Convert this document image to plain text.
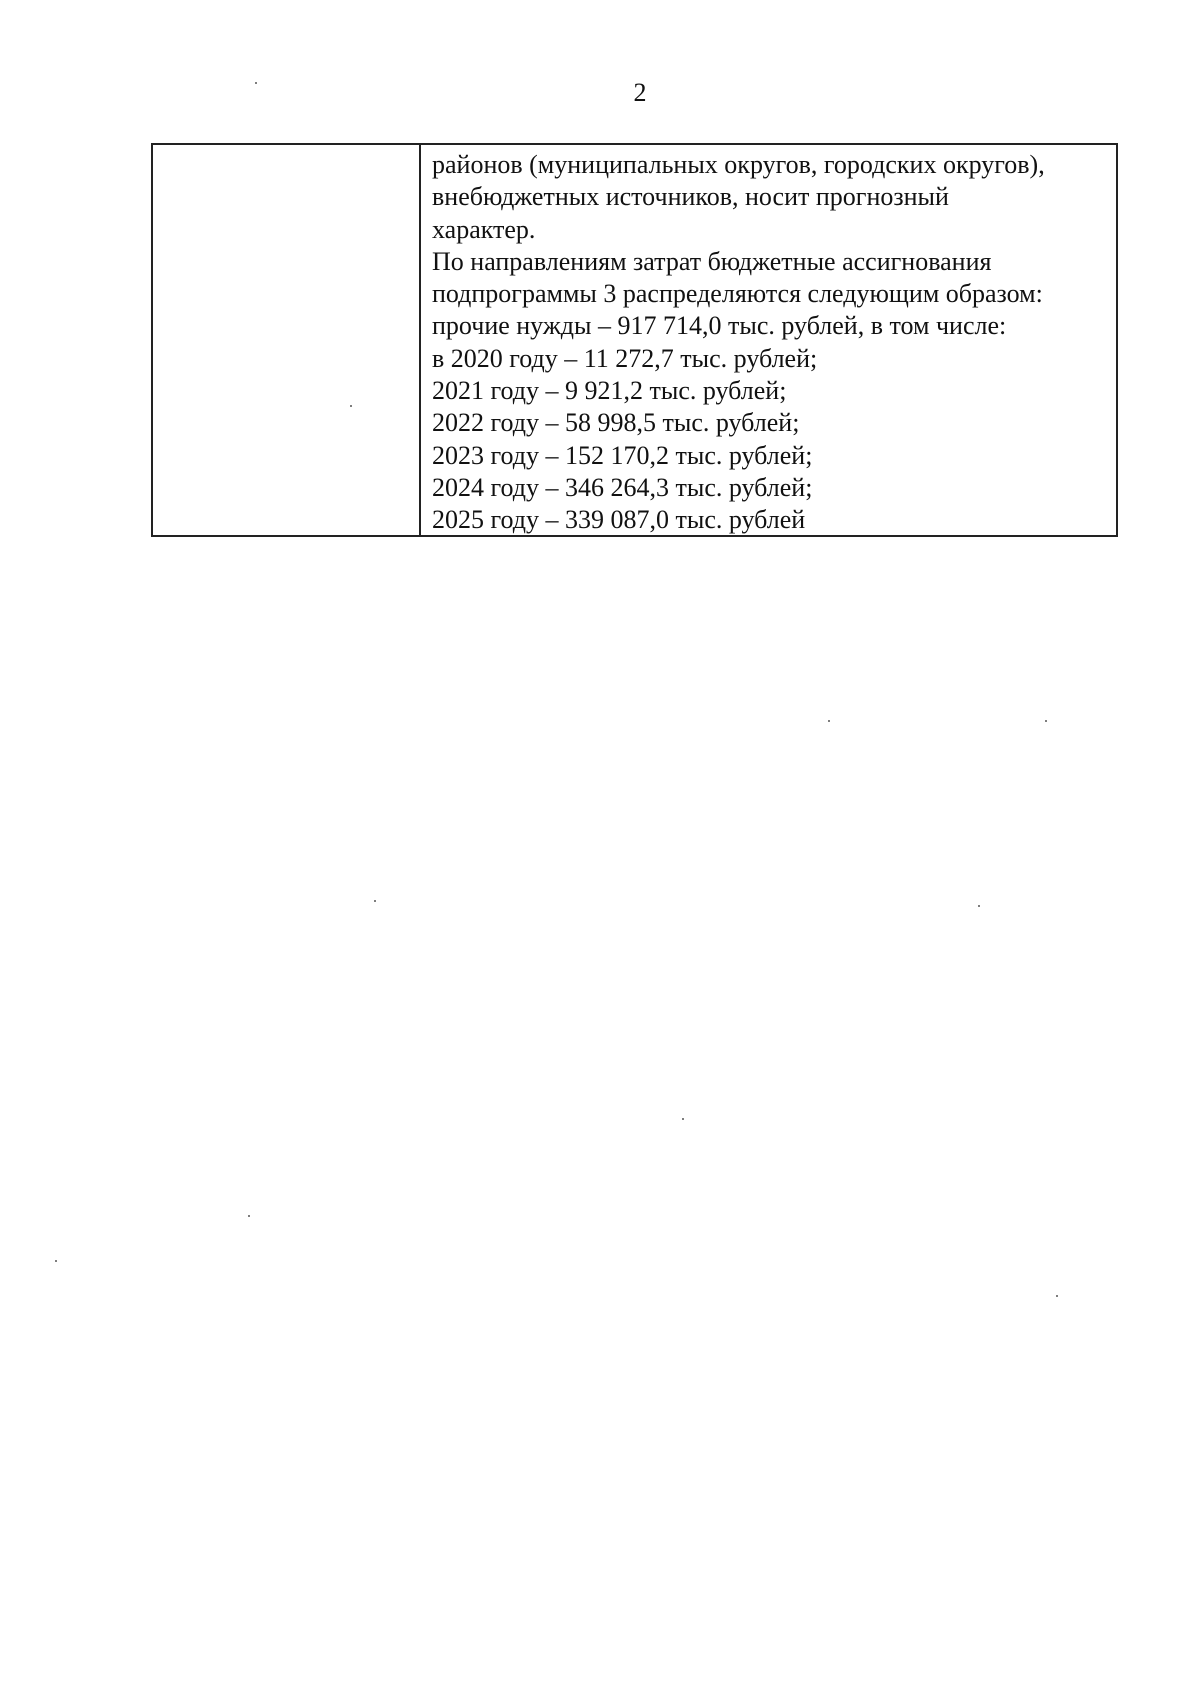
2
районов (муниципальных округов, городских округов),
внебюджетных источников, носит прогнозный
характер.
По направлениям затрат бюджетные ассигнования
подпрограммы 3 распределяются следующим образом:
прочие нужды – 917 714,0 тыс. рублей, в том числе:
в 2020 году – 11 272,7 тыс. рублей;
2021 году – 9 921,2 тыс. рублей;
2022 году – 58 998,5 тыс. рублей;
2023 году – 152 170,2 тыс. рублей;
2024 году – 346 264,3 тыс. рублей;
2025 году – 339 087,0 тыс. рублей
